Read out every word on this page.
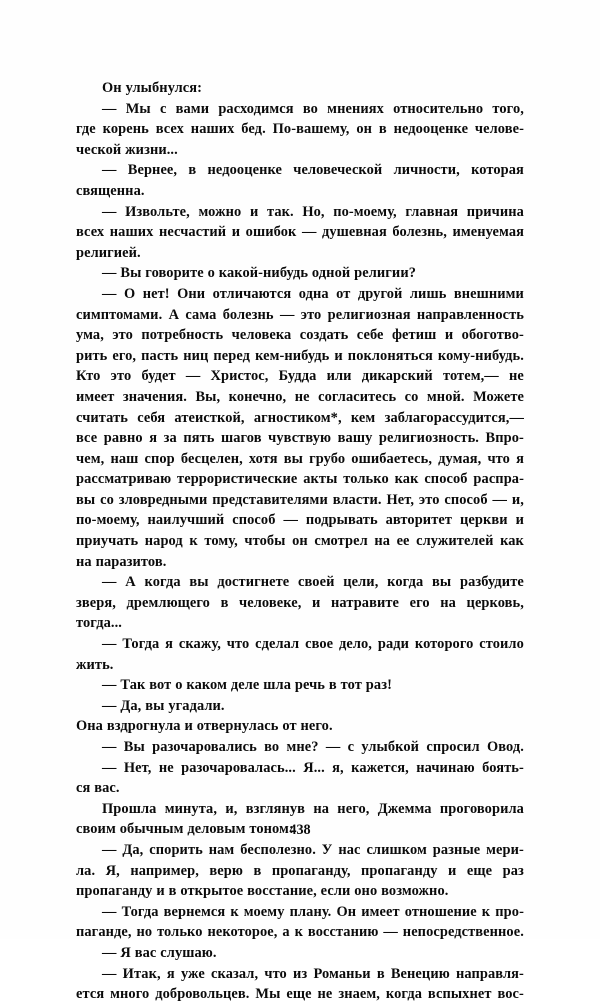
Он улыбнулся:
— Мы с вами расходимся во мнениях относительно того,
где корень всех наших бед. По-вашему, он в недооценке челове-
ческой жизни...
— Вернее, в недооценке человеческой личности, которая
священна.
— Извольте, можно и так. Но, по-моему, главная причина
всех наших несчастий и ошибок — душевная болезнь, именуемая
религией.
— Вы говорите о какой-нибудь одной религии?
— О нет! Они отличаются одна от другой лишь внешними
симптомами. А сама болезнь — это религиозная направленность
ума, это потребность человека создать себе фетиш и обоготво-
рить его, пасть ниц перед кем-нибудь и поклоняться кому-нибудь.
Кто это будет — Христос, Будда или дикарский тотем,— не
имеет значения. Вы, конечно, не согласитесь со мной. Можете
считать себя атеисткой, агностиком*, кем заблагорассудится,—
все равно я за пять шагов чувствую вашу религиозность. Впро-
чем, наш спор бесцелен, хотя вы грубо ошибаетесь, думая, что я
рассматриваю террористические акты только как способ распра-
вы со зловредными представителями власти. Нет, это способ — и,
по-моему, наилучший способ — подрывать авторитет церкви и
приучать народ к тому, чтобы он смотрел на ее служителей как
на паразитов.
— А когда вы достигнете своей цели, когда вы разбудите
зверя, дремлющего в человеке, и натравите его на церковь,
тогда...
— Тогда я скажу, что сделал свое дело, ради которого стоило
жить.
— Так вот о каком деле шла речь в тот раз!
— Да, вы угадали.
Она вздрогнула и отвернулась от него.
— Вы разочаровались во мне? — с улыбкой спросил Овод.
— Нет, не разочаровалась... Я... я, кажется, начинаю боять-
ся вас.
Прошла минута, и, взглянув на него, Джемма проговорила
своим обычным деловым тоном:
— Да, спорить нам бесполезно. У нас слишком разные мери-
ла. Я, например, верю в пропаганду, пропаганду и еще раз
пропаганду и в открытое восстание, если оно возможно.
— Тогда вернемся к моему плану. Он имеет отношение к про-
паганде, но только некоторое, а к восстанию — непосредственное.
— Я вас слушаю.
— Итак, я уже сказал, что из Романьи в Венецию направля-
ется много добровольцев. Мы еще не знаем, когда вспыхнет вос-
438
